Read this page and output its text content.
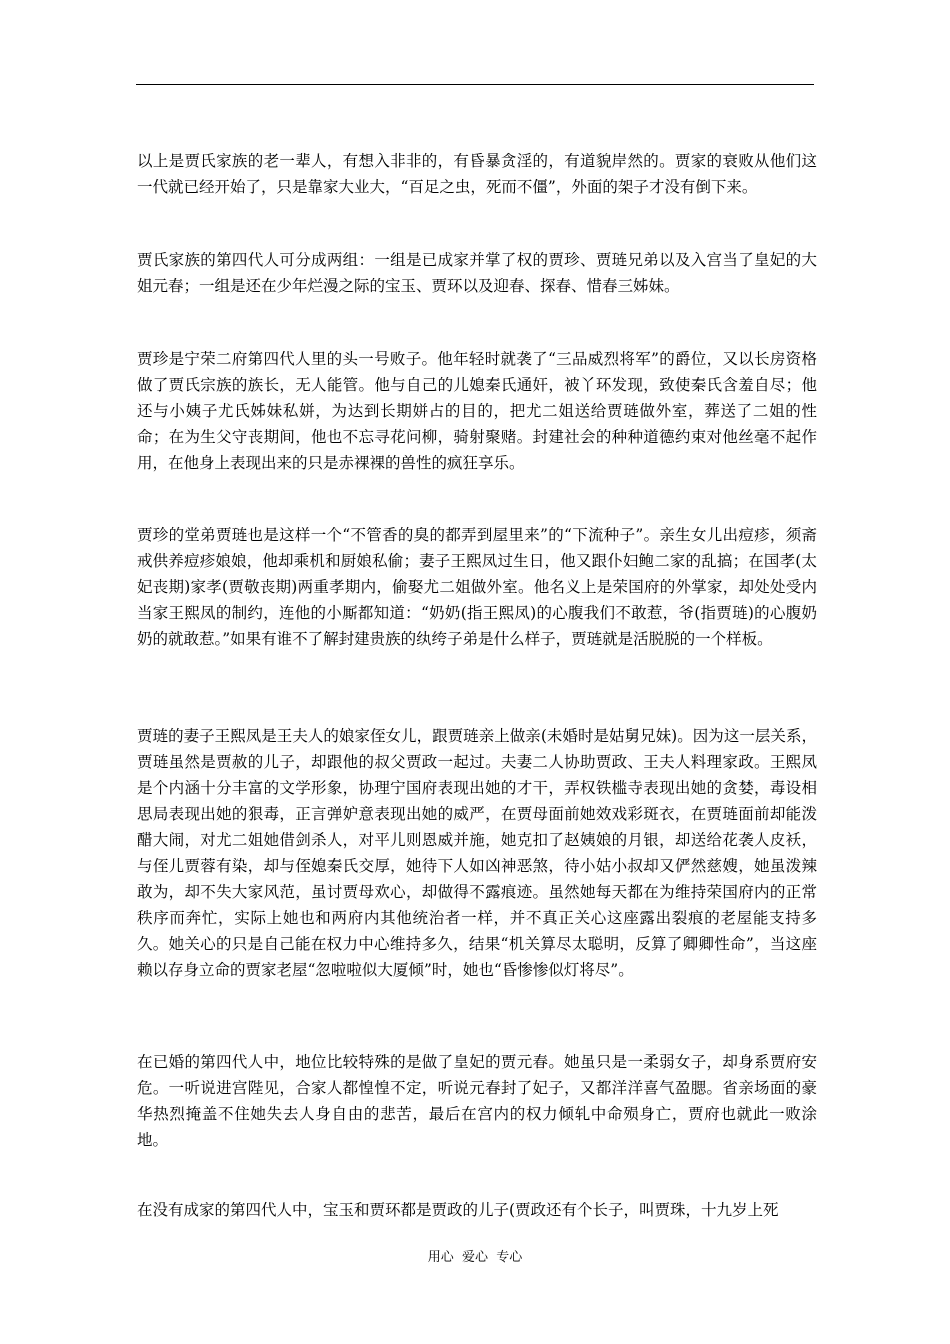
以上是贾氏家族的老一辈人，有想入非非的，有昏暴贪淫的，有道貌岸然的。贾家的衰败从他们这一代就已经开始了，只是靠家大业大，“百足之虫，死而不僵”，外面的架子才没有倒下来。

贾氏家族的第四代人可分成两组：一组是已成家并掌了权的贾珍、贾琏兄弟以及入宫当了皇妃的大姐元春；一组是还在少年烂漫之际的宝玉、贾环以及迎春、探春、惜春三姊妹。

贾珍是宁荣二府第四代人里的头一号败子。他年轻时就袭了“三品威烈将军”的爵位，又以长房资格做了贾氏宗族的族长，无人能管。他与自己的儿媳秦氏通奸，被丫环发现，致使秦氏含羞自尽；他还与小姨子尤氏姊妹私姘，为达到长期姘占的目的，把尤二姐送给贾琏做外室，葬送了二姐的性命；在为生父守丧期间，他也不忘寻花问柳，骑射聚赌。封建社会的种种道德约束对他丝毫不起作用，在他身上表现出来的只是赤裸裸的兽性的疯狂享乐。

贾珍的堂弟贾琏也是这样一个“不管香的臭的都弄到屋里来”的“下流种子”。亲生女儿出痘疹，须斋戒供养痘疹娘娘，他却乘机和厨娘私偷；妻子王熙凤过生日，他又跟仆妇鲍二家的乱搞；在国孝(太妃丧期)家孝(贾敬丧期)两重孝期内，偷娶尤二姐做外室。他名义上是荣国府的外掌家，却处处受内当家王熙凤的制约，连他的小厮都知道：“奶奶(指王熙凤)的心腹我们不敢惹，爷(指贾琏)的心腹奶奶的就敢惹。”如果有谁不了解封建贵族的纨绔子弟是什么样子，贾琏就是活脱脱的一个样板。

贾琏的妻子王熙凤是王夫人的娘家侄女儿，跟贾琏亲上做亲(未婚时是姑舅兄妹)。因为这一层关系，贾琏虽然是贾赦的儿子，却跟他的叔父贾政一起过。夫妻二人协助贾政、王夫人料理家政。王熙凤是个内涵十分丰富的文学形象，协理宁国府表现出她的才干，弄权铁槛寺表现出她的贪婪，毒设相思局表现出她的狠毒，正言弹妒意表现出她的威严，在贾母面前她效戏彩斑衣，在贾琏面前却能泼醋大闹，对尤二姐她借剑杀人，对平儿则恩威并施，她克扣了赵姨娘的月银，却送给花袭人皮袄，与侄儿贾蓉有染，却与侄媳秦氏交厚，她待下人如凶神恶煞，待小姑小叔却又俨然慈嫂，她虽泼辣敢为，却不失大家风范，虽讨贾母欢心，却做得不露痕迹。虽然她每天都在为维持荣国府内的正常秩序而奔忙，实际上她也和两府内其他统治者一样，并不真正关心这座露出裂痕的老屋能支持多久。她关心的只是自己能在权力中心维持多久，结果“机关算尽太聪明，反算了卿卿性命”，当这座赖以存身立命的贾家老屋“忽啦啦似大厦倾”时，她也“昏惨惨似灯将尽”。

在已婚的第四代人中，地位比较特殊的是做了皇妃的贾元春。她虽只是一柔弱女子，却身系贾府安危。一听说进宫陛见，合家人都惶惶不定，听说元春封了妃子，又都洋洋喜气盈腮。省亲场面的豪华热烈掩盖不住她失去人身自由的悲苦，最后在宫内的权力倾轧中命殒身亡，贾府也就此一败涂地。

在没有成家的第四代人中，宝玉和贾环都是贾政的儿子(贾政还有个长子，叫贾珠，十九岁上死

用心  爱心  专心
